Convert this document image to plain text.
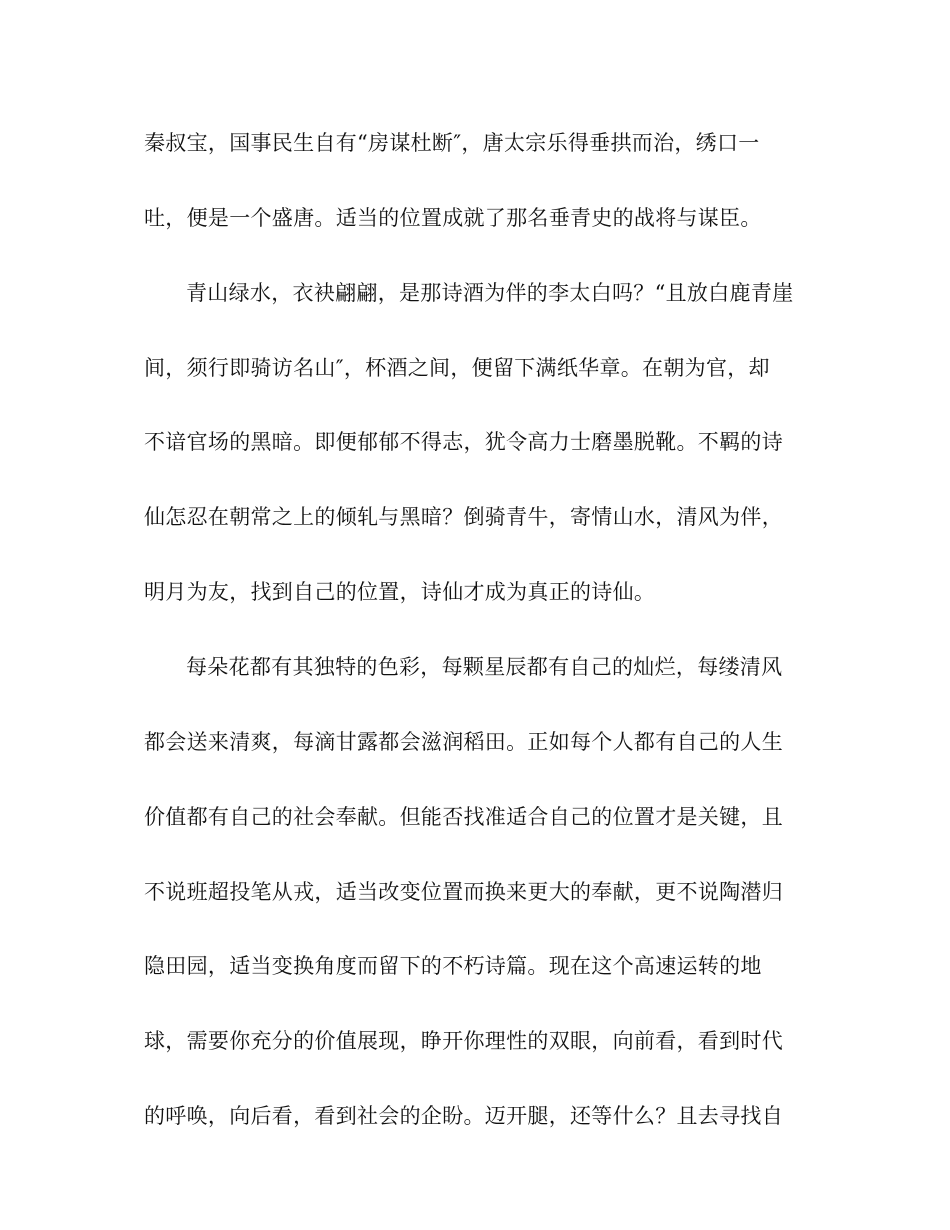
秦叔宝，国事民生自有“房谋杜断″，唐太宗乐得垂拱而治，绣口一
吐，便是一个盛唐。适当的位置成就了那名垂青史的战将与谋臣。
青山绿水，衣袂翩翩，是那诗酒为伴的李太白吗？“且放白鹿青崖
间，须行即骑访名山″，杯酒之间，便留下满纸华章。在朝为官，却
不谙官场的黑暗。即便郁郁不得志，犹令高力士磨墨脱靴。不羁的诗
仙怎忍在朝常之上的倾轧与黑暗？倒骑青牛，寄情山水，清风为伴，
明月为友，找到自己的位置，诗仙才成为真正的诗仙。
每朵花都有其独特的色彩，每颗星辰都有自己的灿烂，每缕清风
都会送来清爽，每滴甘露都会滋润稻田。正如每个人都有自己的人生
价值都有自己的社会奉献。但能否找准适合自己的位置才是关键，且
不说班超投笔从戎，适当改变位置而换来更大的奉献，更不说陶潜归
隐田园，适当变换角度而留下的不朽诗篇。现在这个高速运转的地
球，需要你充分的价值展现，睁开你理性的双眼，向前看，看到时代
的呼唤，向后看，看到社会的企盼。迈开腿，还等什么？且去寻找自
